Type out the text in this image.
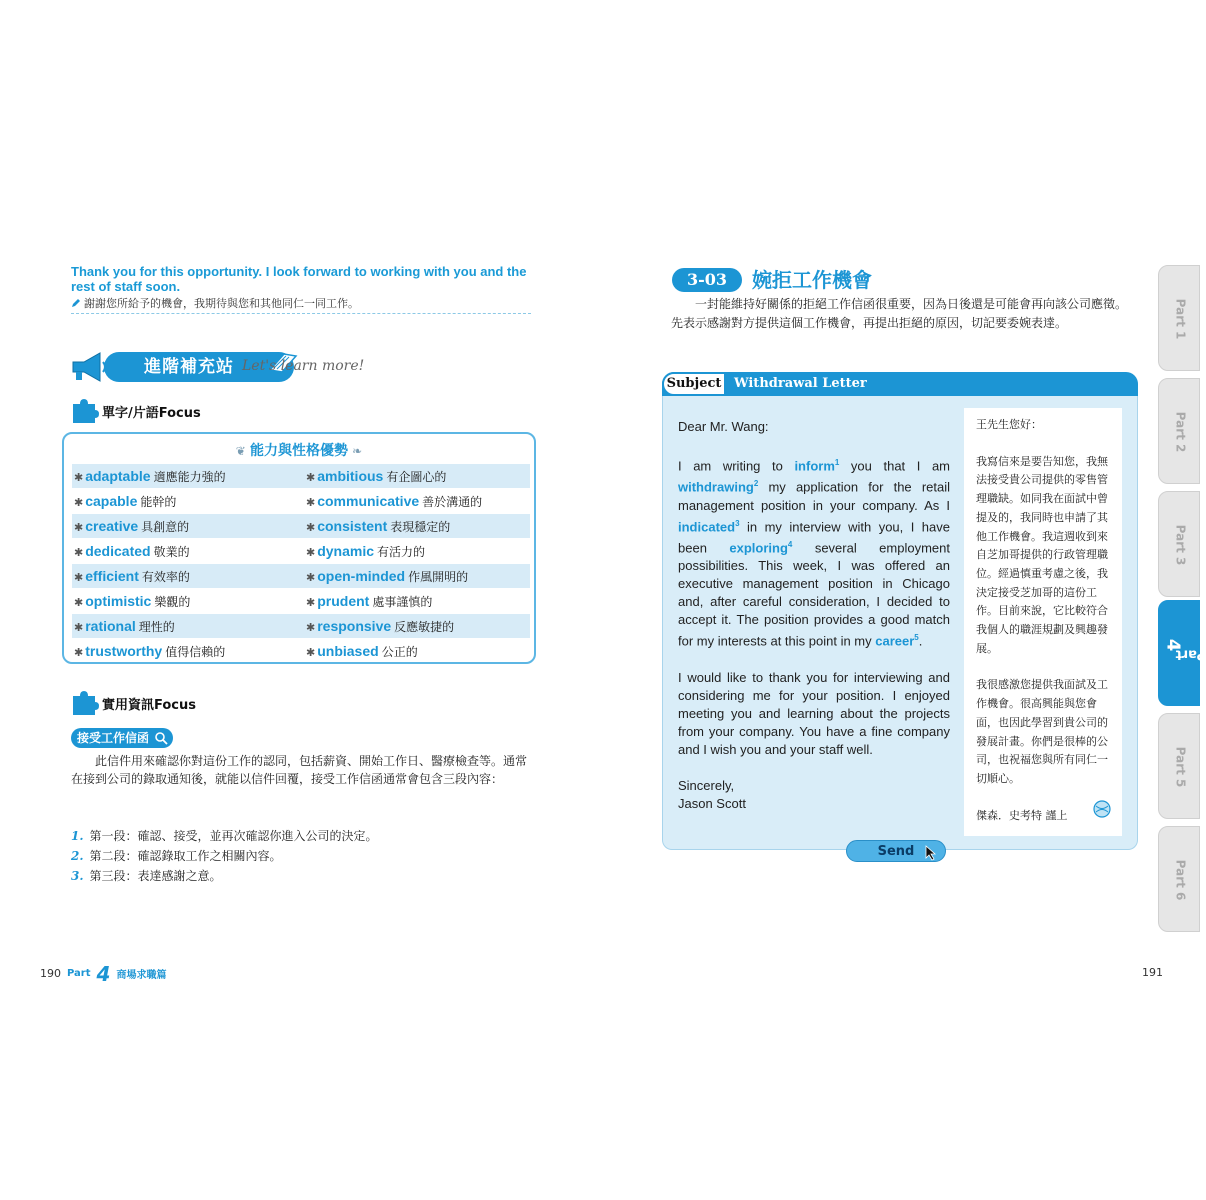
Thank you for this opportunity. I look forward to working with you and the rest of staff soon.
謝謝您所給予的機會，我期待與您和其他同仁一同工作。
進階補充站 Let's learn more!
單字/片語Focus
❦ 能力與性格優勢 ❧
✱ adaptable 適應能力強的	✱ ambitious 有企圖心的
✱ capable 能幹的	✱ communicative 善於溝通的
✱ creative 具創意的	✱ consistent 表現穩定的
✱ dedicated 敬業的	✱ dynamic 有活力的
✱ efficient 有效率的	✱ open-minded 作風開明的
✱ optimistic 樂觀的	✱ prudent 處事謹慎的
✱ rational 理性的	✱ responsive 反應敏捷的
✱ trustworthy 值得信賴的	✱ unbiased 公正的
實用資訊Focus
接受工作信函
此信件用來確認你對這份工作的認同，包括薪資、開始工作日、醫療檢查等。通常在接到公司的錄取通知後，就能以信件回覆，接受工作信函通常會包含三段內容：
1. 第一段：確認、接受，並再次確認你進入公司的決定。
2. 第二段：確認錄取工作之相關內容。
3. 第三段：表達感謝之意。
190 Part 4 商場求職篇
3-03	婉拒工作機會
一封能維持好關係的拒絕工作信函很重要，因為日後還是可能會再向該公司應徵。先表示感謝對方提供這個工作機會，再提出拒絕的原因，切記要委婉表達。
Subject Withdrawal Letter

Dear Mr. Wang:

I am writing to inform$^1$ you that I am withdrawing$^2$ my application for the retail management position in your company. As I indicated$^3$ in my interview with you, I have been exploring$^4$ several employment possibilities. This week, I was offered an executive management position in Chicago and, after careful consideration, I decided to accept it. The position provides a good match for my interests at this point in my career$^5$.

I would like to thank you for interviewing and considering me for your position. I enjoyed meeting you and learning about the projects from your company. You have a fine company and I wish you and your staff well.

Sincerely,
Jason Scott

王先生您好：

我寫信來是要告知您，我無法接受貴公司提供的零售管理職缺。如同我在面試中曾提及的，我同時也申請了其他工作機會。我這週收到來自芝加哥提供的行政管理職位。經過慎重考慮之後，我決定接受芝加哥的這份工作。目前來說，它比較符合我個人的職涯規劃及興趣發展。

我很感激您提供我面試及工作機會。很高興能與您會面，也因此學習到貴公司的發展計畫。你們是很棒的公司，也祝福您與所有同仁一切順心。

傑森．史考特 謹上

Send
191
Part 1
Part 2
Part 3
Part
4
Part 5
Part 6
